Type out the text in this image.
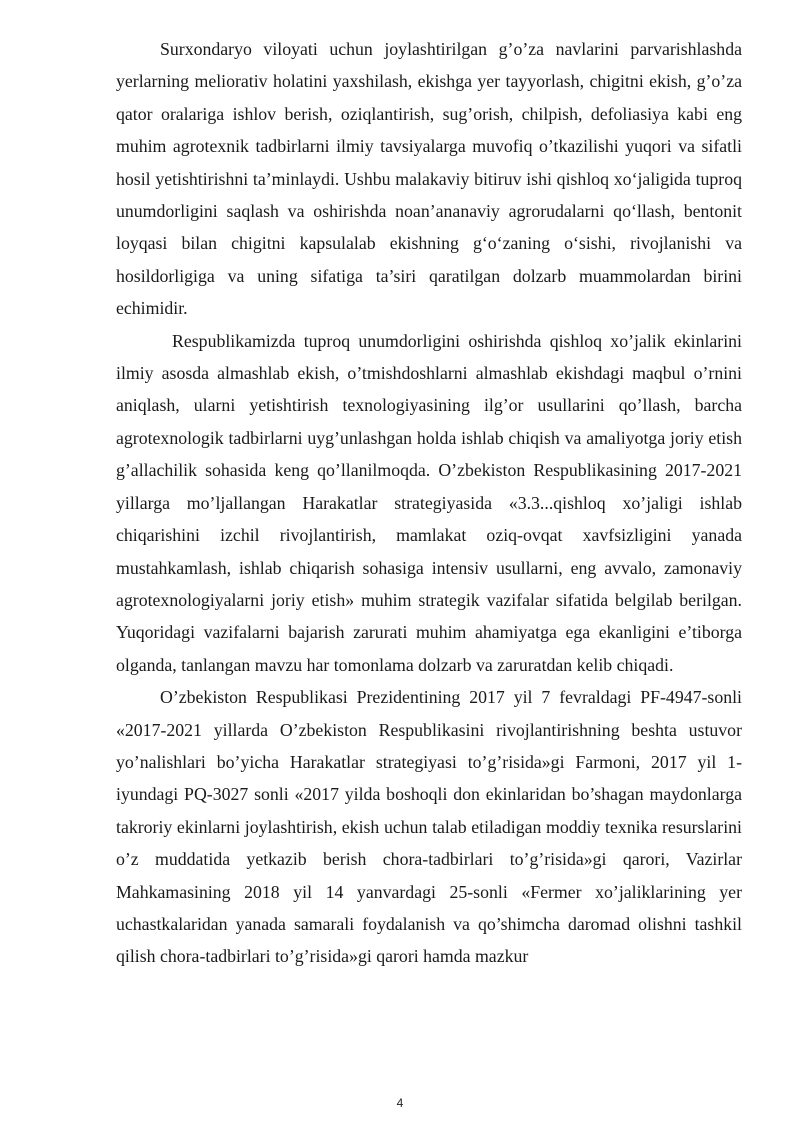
Surxondaryo viloyati uchun joylashtirilgan g’o’za navlarini parvarishlashda yerlarning meliorativ holatini yaxshilash, ekishga yer tayyorlash, chigitni ekish, g’o’za qator oralariga ishlov berish, oziqlantirish, sug’orish, chilpish, defoliasiya kabi eng muhim agrotexnik tadbirlarni ilmiy tavsiyalarga muvofiq o’tkazilishi yuqori va sifatli hosil yetishtirishni ta’minlaydi. Ushbu malakaviy bitiruv ishi qishloq xo‘jaligida tuproq unumdorligini saqlash va oshirishda noan’ananaviy agrorudalarni qo‘llash, bentonit loyqasi bilan chigitni kapsulalab ekishning g‘o‘zaning o‘sishi, rivojlanishi va hosildorligiga va uning sifatiga ta’siri qaratilgan dolzarb muammolardan birini echimidir.

Respublikamizda tuproq unumdorligini oshirishda qishloq xo’jalik ekinlarini ilmiy asosda almashlab ekish, o’tmishdoshlarni almashlab ekishdagi maqbul o’rnini aniqlash, ularni yetishtirish texnologiyasining ilg’or usullarini qo’llash, barcha agrotexnologik tadbirlarni uyg’unlashgan holda ishlab chiqish va amaliyotga joriy etish g’allachilik sohasida keng qo’llanilmoqda. O’zbekiston Respublikasining 2017-2021 yillarga mo’ljallangan Harakatlar strategiyasida «3.3...qishloq xo’jaligi ishlab chiqarishini izchil rivojlantirish, mamlakat oziq-ovqat xavfsizligini yanada mustahkamlash, ishlab chiqarish sohasiga intensiv usullarni, eng avvalo, zamonaviy agrotexnologiyalarni joriy etish» muhim strategik vazifalar sifatida belgilab berilgan. Yuqoridagi vazifalarni bajarish zarurati muhim ahamiyatga ega ekanligini e’tiborga olganda, tanlangan mavzu har tomonlama dolzarb va zaruratdan kelib chiqadi.

O’zbekiston Respublikasi Prezidentining 2017 yil 7 fevraldagi PF-4947-sonli «2017-2021 yillarda O’zbekiston Respublikasini rivojlantirishning beshta ustuvor yo’nalishlari bo’yicha Harakatlar strategiyasi to’g’risida»gi Farmoni, 2017 yil 1-iyundagi PQ-3027 sonli «2017 yilda boshoqli don ekinlaridan bo’shagan maydonlarga takroriy ekinlarni joylashtirish, ekish uchun talab etiladigan moddiy texnika resurslarini o’z muddatida yetkazib berish chora-tadbirlari to’g’risida»gi qarori, Vazirlar Mahkamasining 2018 yil 14 yanvardagi 25-sonli «Fermer xo’jaliklarining yer uchastkalaridan yanada samarali foydalanish va qo’shimcha daromad olishni tashkil qilish chora-tadbirlari to’g’risida»gi qarori hamda mazkur

4
